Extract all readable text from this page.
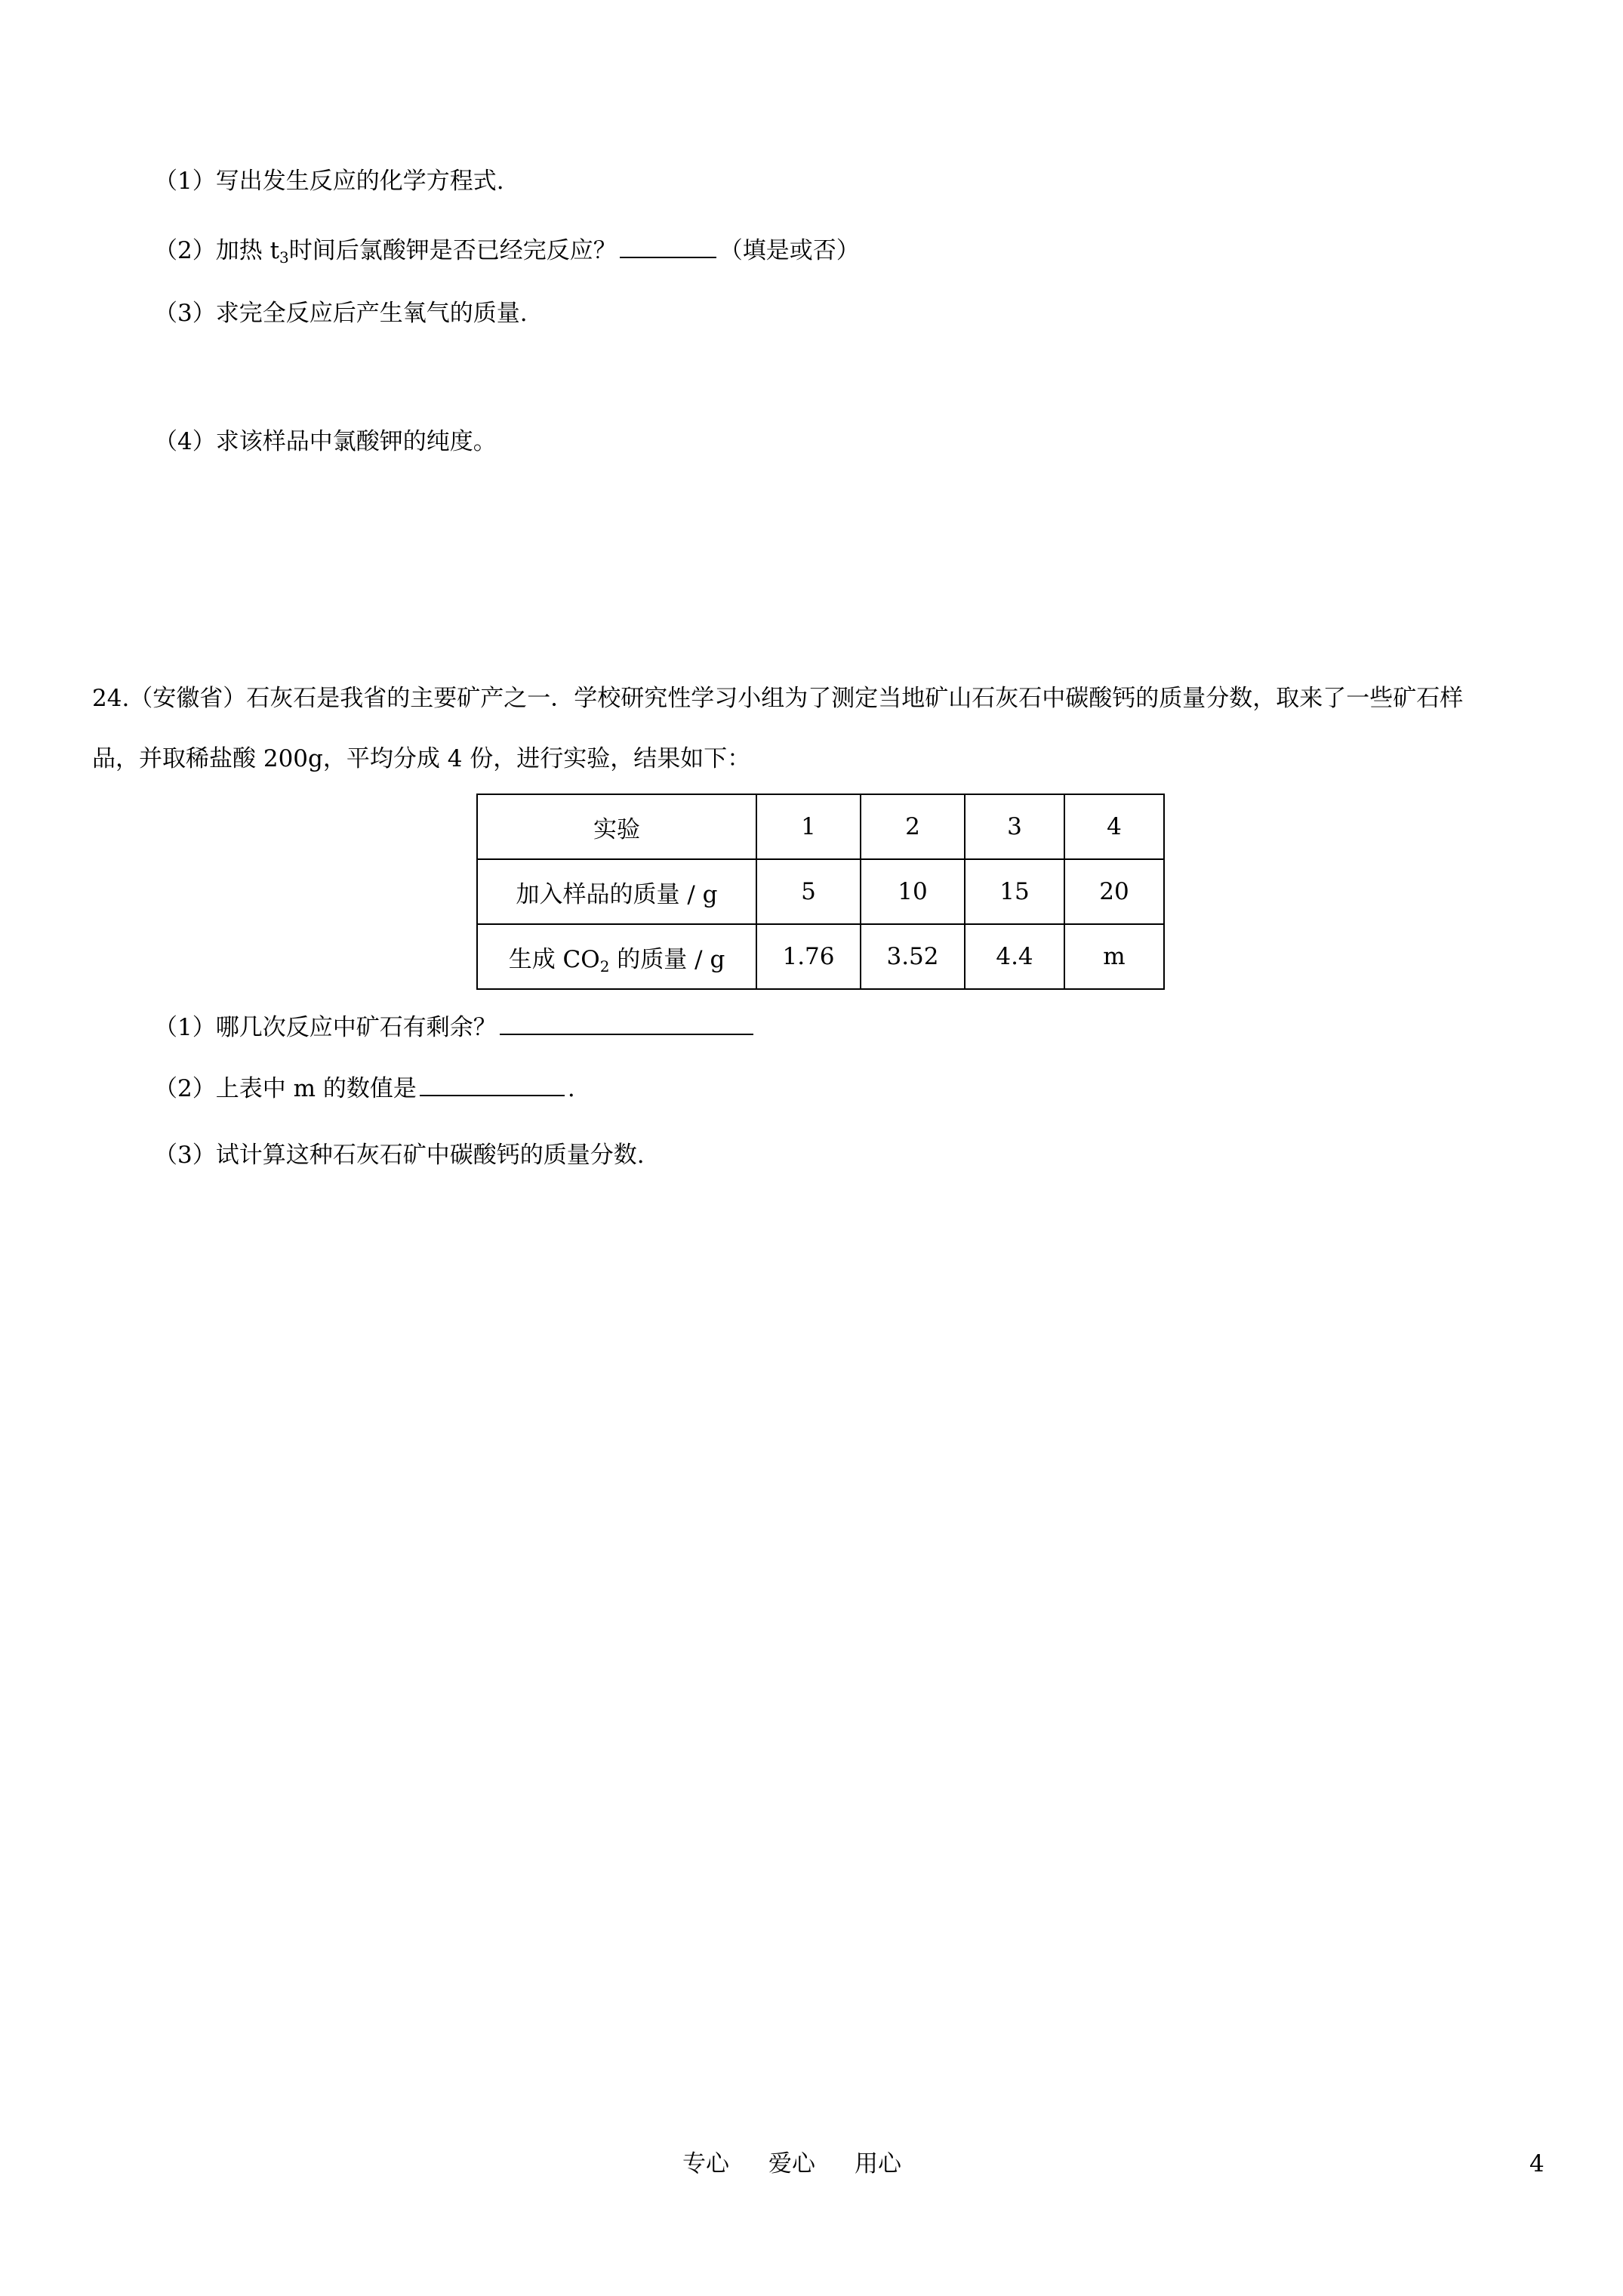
（1）写出发生反应的化学方程式.
（2）加热 $t_3$时间后氯酸钾是否已经完反应？	（填是或否）
（3）求完全反应后产生氧气的质量.
（4）求该样品中氯酸钾的纯度。
24.（安徽省）石灰石是我省的主要矿产之一．学校研究性学习小组为了测定当地矿山石灰石中碳酸钙的质量分数，取来了一些矿石样
品，并取稀盐酸 200g，平均分成 4 份，进行实验，结果如下：
实验	1	2	3	4
加入样品的质量 / g	5	10	15	20
生成 $CO_2$ 的质量 / g	1.76	3.52	4.4	m
（1）哪几次反应中矿石有剩余？
（2）上表中 m 的数值是	.
（3）试计算这种石灰石矿中碳酸钙的质量分数.
专心 爱心 用心	4
